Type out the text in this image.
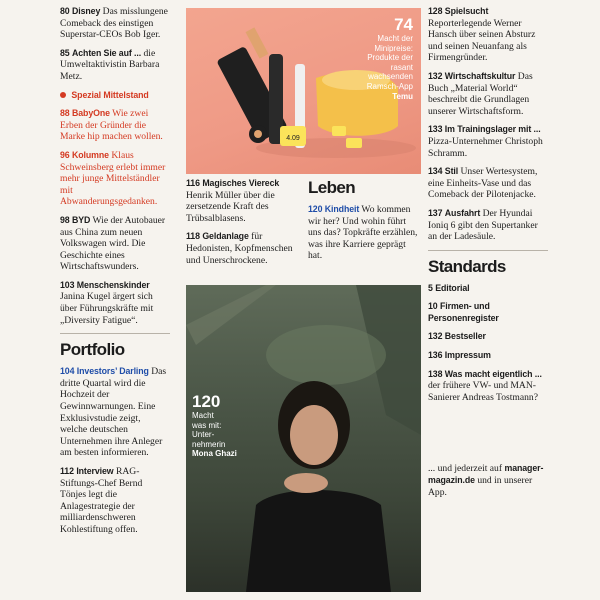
80 Disney Das misslungene Comeback des einstigen Superstar-CEOs Bob Iger.
85 Achten Sie auf ... die Umweltaktivistin Barbara Metz.
Spezial Mittelstand
88 BabyOne Wie zwei Erben der Gründer die Marke hip machen wollen.
96 Kolumne Klaus Schweinsberg erlebt immer mehr junge Mittelständler mit Abwanderungsgedanken.
98 BYD Wie der Autobauer aus China zum neuen Volkswagen wird. Die Geschichte eines Wirtschaftswunders.
103 Menschenskinder Janina Kugel ärgert sich über Führungskräfte mit „Diversity Fatigue“.
Portfolio
104 Investors’ Darling Das dritte Quartal wird die Hochzeit der Gewinnwarnungen. Eine Exklusivstudie zeigt, welche deutschen Unternehmen ihre Anleger am besten informieren.
112 Interview RAG-Stiftungs-Chef Bernd Tönjes legt die Anlagestrategie der milliardenschweren Kohlestiftung offen.
4.09
74
Macht der
Minipreise:
Produkte der
rasant
wachsenden
Ramsch-App
Temu
116 Magisches Viereck Henrik Müller über die zersetzende Kraft des Trübsalblasens.
118 Geldanlage für Hedonisten, Kopfmenschen und Unerschrockene.
Leben
120 Kindheit Wo kommen wir her? Und wohin führt uns das? Topkräfte erzählen, was ihre Karriere geprägt hat.
120
Macht
was mit:
Unter-
nehmerin
Mona Ghazi
128 Spielsucht Reporterlegende Werner Hansch über seinen Absturz und seinen Neuanfang als Firmengründer.
132 Wirtschaftskultur Das Buch „Material World“ beschreibt die Grundlagen unserer Wirtschaftsform.
133 Im Trainingslager mit ... Pizza-Unternehmer Christoph Schramm.
134 Stil Unser Wertesystem, eine Einheits-Vase und das Comeback der Pilotenjacke.
137 Ausfahrt Der Hyundai Ioniq 6 gibt den Supertanker an der Ladesäule.
Standards
5 Editorial
10 Firmen- und Personenregister
132 Bestseller
136 Impressum
138 Was macht eigentlich ... der frühere VW- und MAN-Sanierer Andreas Tostmann?
... und jederzeit auf manager-magazin.de und in unserer App.
